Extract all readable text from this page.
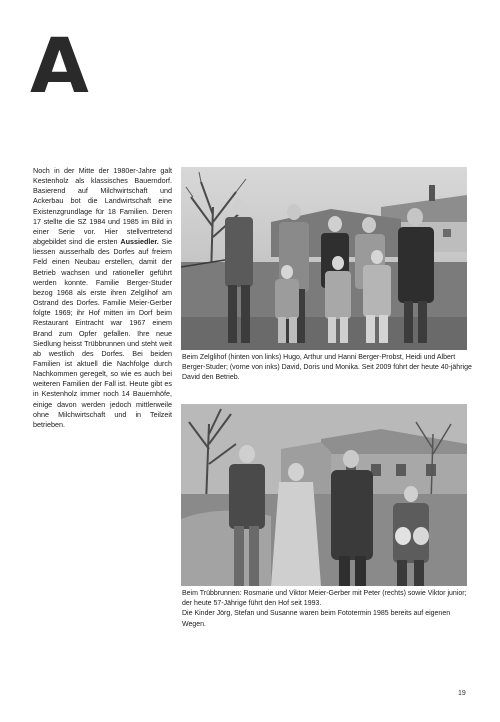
A
Noch in der Mitte der 1980er-Jahre galt Kestenholz als klassisches Bauerndorf. Basierend auf Milchwirtschaft und Ackerbau bot die Landwirtschaft eine Existenzgrundlage für 18 Familien. Deren 17 stellte die SZ 1984 und 1985 im Bild in einer Serie vor. Hier stellvertretend abgebildet sind die ersten Aussiedler. Sie liessen ausserhalb des Dorfes auf freiem Feld einen Neubau erstellen, damit der Betrieb wachsen und rationeller geführt werden konnte. Familie Berger-Studer bezog 1968 als erste ihren Zelglihof am Ostrand des Dorfes. Familie Meier-Gerber folgte 1969; ihr Hof mitten im Dorf beim Restaurant Eintracht war 1967 einem Brand zum Opfer gefallen. Ihre neue Siedlung heisst Trübbrunnen und steht weit ab westlich des Dorfes. Bei beiden Familien ist aktuell die Nachfolge durch Nachkommen geregelt, so wie es auch bei weiteren Familien der Fall ist. Heute gibt es in Kestenholz immer noch 14 Bauernhöfe, einige davon werden jedoch mittlerweile ohne Milchwirtschaft und in Teilzeit betrieben.
Beim Zelglihof (hinten von links) Hugo, Arthur und Hanni Berger-Probst, Heidi und Albert Berger-Studer; (vorne von inks) David, Doris und Monika. Seit 2009 führt der heute 40-jährige David den Betrieb.
Beim Trübbrunnen: Rosmarie und Viktor Meier-Gerber mit Peter (rechts) sowie Viktor junior; der heute 57-Jährige führt den Hof seit 1993.
Die Kinder Jörg, Stefan und Susanne waren beim Fototermin 1985 bereits auf eigenen Wegen.
19
